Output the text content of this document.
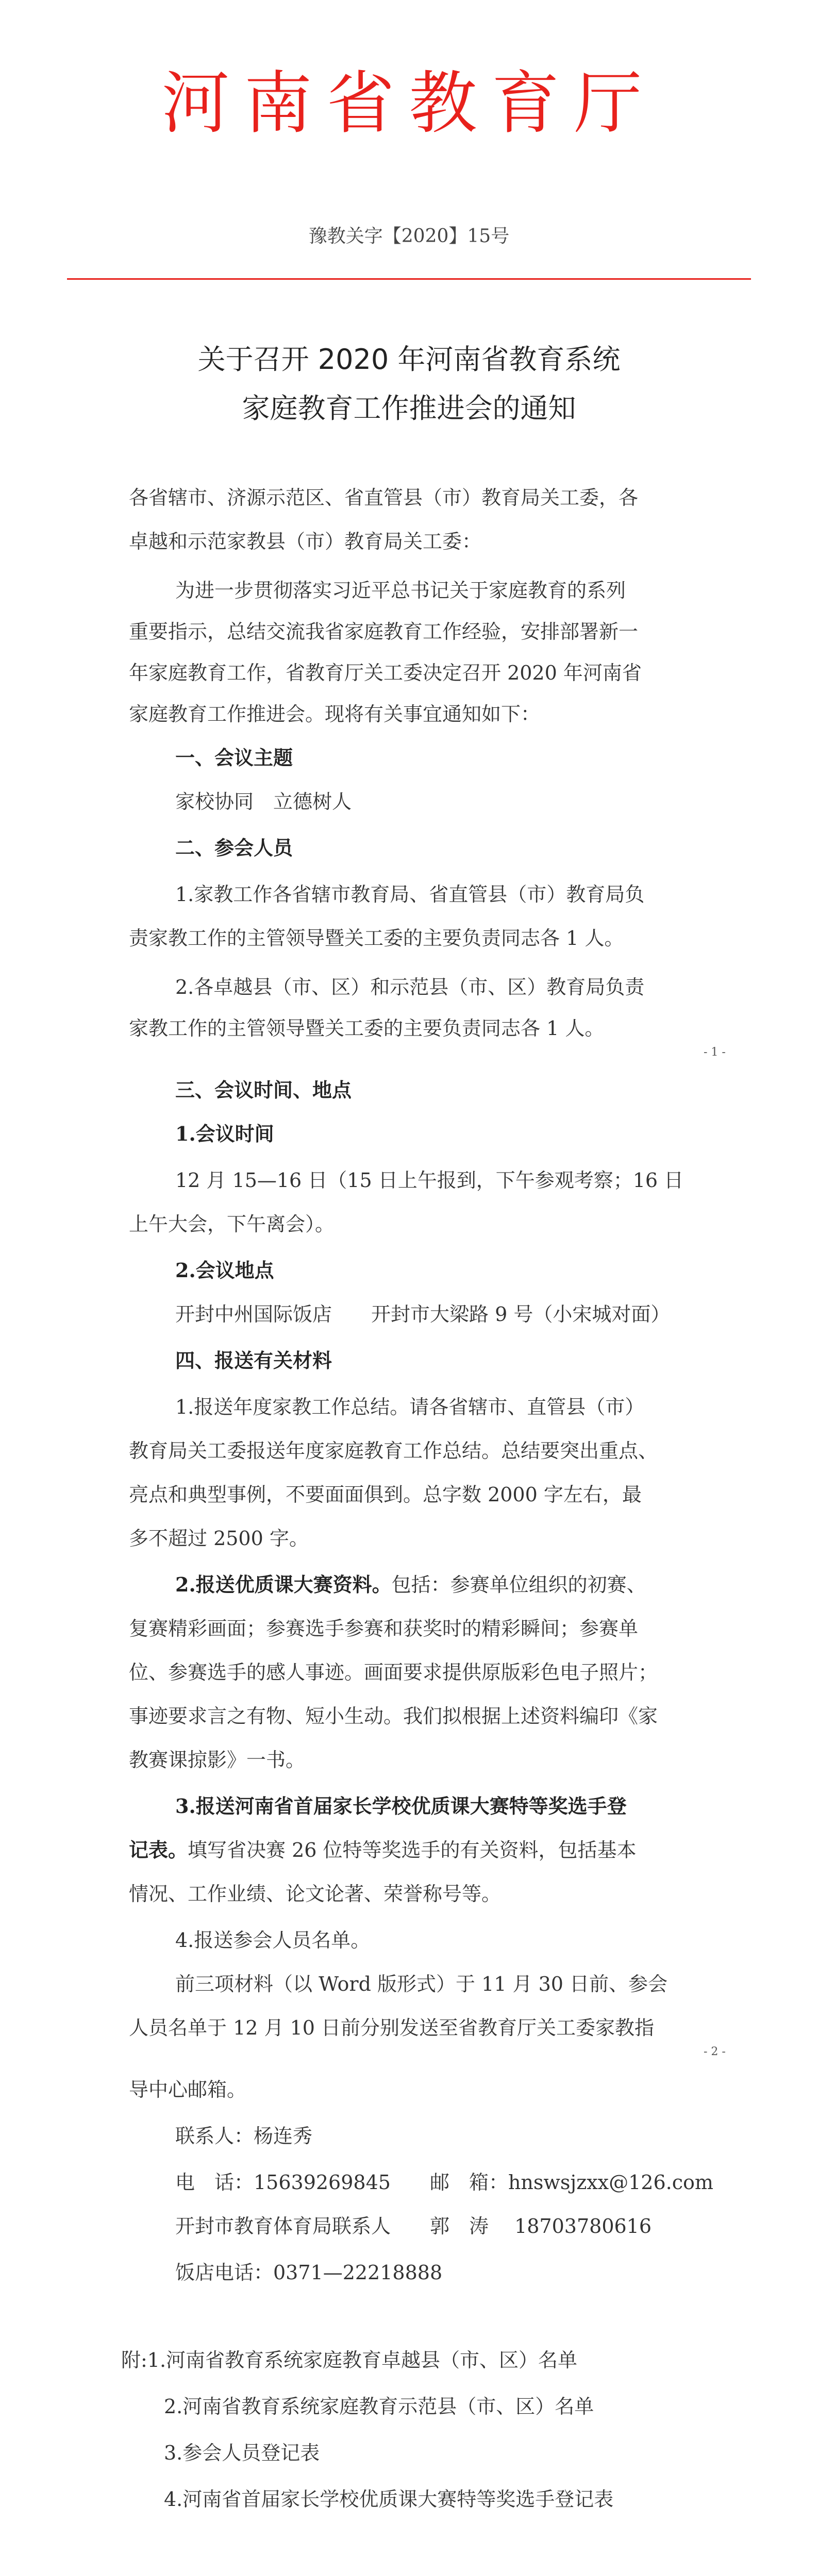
河南省教育厅
豫教关字【2020】15号
关于召开 2020 年河南省教育系统
家庭教育工作推进会的通知
各省辖市、济源示范区、省直管县（市）教育局关工委，各
卓越和示范家教县（市）教育局关工委：
为进一步贯彻落实习近平总书记关于家庭教育的系列
重要指示，总结交流我省家庭教育工作经验，安排部署新一
年家庭教育工作，省教育厅关工委决定召开 2020 年河南省
家庭教育工作推进会。现将有关事宜通知如下：
一、会议主题
家校协同　立德树人
二、参会人员
1.家教工作各省辖市教育局、省直管县（市）教育局负
责家教工作的主管领导暨关工委的主要负责同志各 1 人。
2.各卓越县（市、区）和示范县（市、区）教育局负责
家教工作的主管领导暨关工委的主要负责同志各 1 人。
- 1 -
三、会议时间、地点
1.会议时间
12 月 15—16 日（15 日上午报到，下午参观考察；16 日
上午大会，下午离会）。
2.会议地点
开封中州国际饭店　　开封市大梁路 9 号（小宋城对面）
四、报送有关材料
1.报送年度家教工作总结。请各省辖市、直管县（市）
教育局关工委报送年度家庭教育工作总结。总结要突出重点、
亮点和典型事例，不要面面俱到。总字数 2000 字左右，最
多不超过 2500 字。
2.报送优质课大赛资料。包括：参赛单位组织的初赛、
复赛精彩画面；参赛选手参赛和获奖时的精彩瞬间；参赛单
位、参赛选手的感人事迹。画面要求提供原版彩色电子照片；
事迹要求言之有物、短小生动。我们拟根据上述资料编印《家
教赛课掠影》一书。
3.报送河南省首届家长学校优质课大赛特等奖选手登
记表。填写省决赛 26 位特等奖选手的有关资料，包括基本
情况、工作业绩、论文论著、荣誉称号等。
4.报送参会人员名单。
前三项材料（以 Word 版形式）于 11 月 30 日前、参会
人员名单于 12 月 10 日前分别发送至省教育厅关工委家教指
- 2 -
导中心邮箱。
联系人：杨连秀
电　话：15639269845　　邮　箱：hnswsjzxx@126.com
开封市教育体育局联系人　　郭　涛　 18703780616
饭店电话：0371—22218888
附:1.河南省教育系统家庭教育卓越县（市、区）名单
2.河南省教育系统家庭教育示范县（市、区）名单
3.参会人员登记表
4.河南省首届家长学校优质课大赛特等奖选手登记表
